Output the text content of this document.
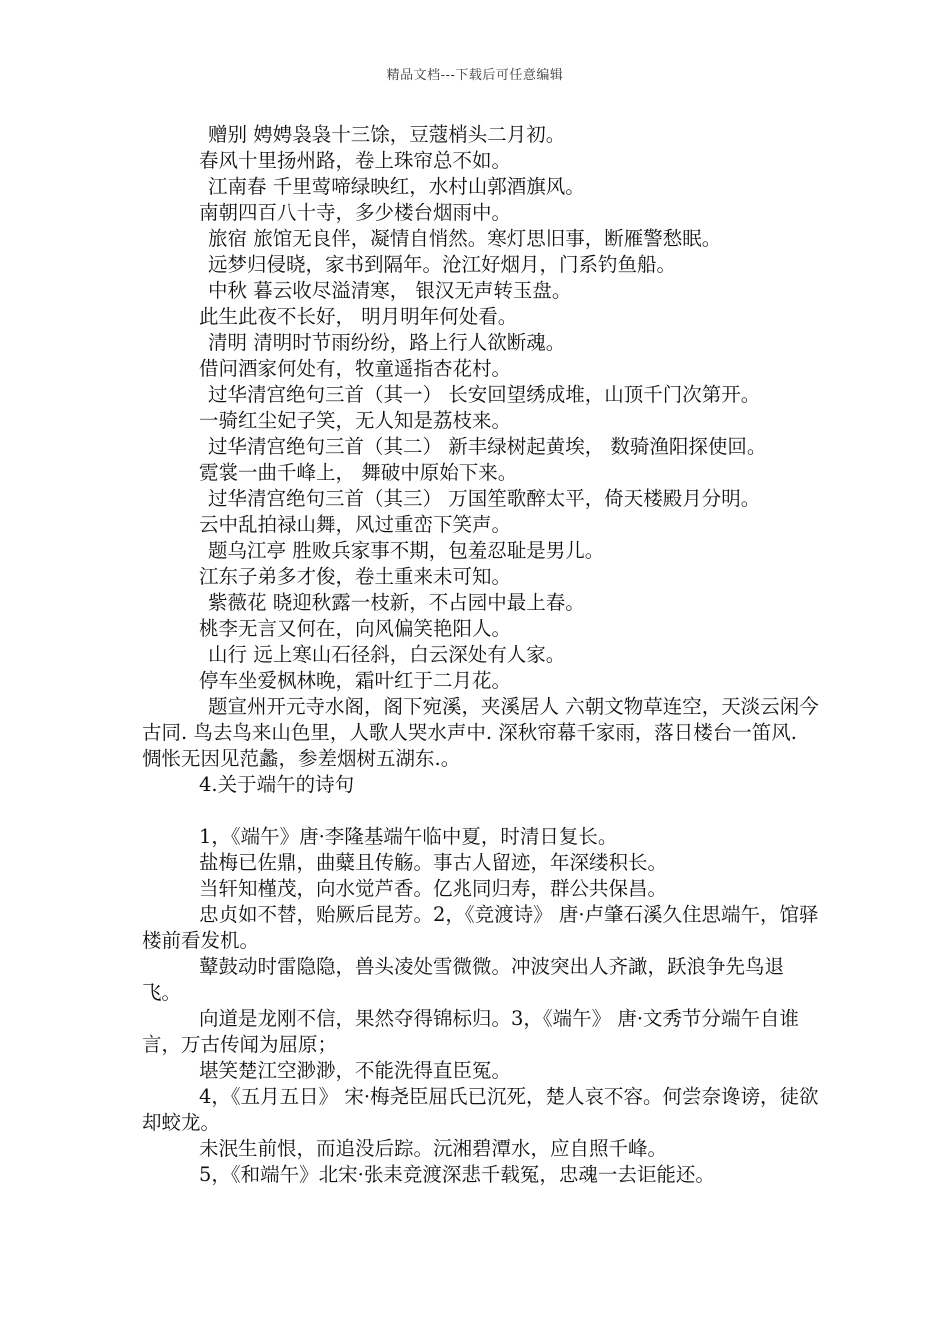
精品文档---下载后可任意编辑

赠别 娉娉袅袅十三馀，豆蔻梢头二月初。

春风十里扬州路，卷上珠帘总不如。

江南春 千里莺啼绿映红，水村山郭酒旗风。

南朝四百八十寺，多少楼台烟雨中。

旅宿 旅馆无良伴，凝情自悄然。寒灯思旧事，断雁警愁眠。

远梦归侵晓，家书到隔年。沧江好烟月，门系钓鱼船。

中秋 暮云收尽溢清寒， 银汉无声转玉盘。

此生此夜不长好， 明月明年何处看。

清明 清明时节雨纷纷，路上行人欲断魂。

借问酒家何处有，牧童遥指杏花村。

过华清宫绝句三首（其一） 长安回望绣成堆，山顶千门次第开。

一骑红尘妃子笑，无人知是荔枝来。

过华清宫绝句三首（其二） 新丰绿树起黄埃， 数骑渔阳探使回。

霓裳一曲千峰上， 舞破中原始下来。

过华清宫绝句三首（其三） 万国笙歌醉太平，倚天楼殿月分明。

云中乱拍禄山舞，风过重峦下笑声。

题乌江亭 胜败兵家事不期，包羞忍耻是男儿。

江东子弟多才俊，卷土重来未可知。

紫薇花 晓迎秋露一枝新，不占园中最上春。

桃李无言又何在，向风偏笑艳阳人。

山行 远上寒山石径斜，白云深处有人家。

停车坐爱枫林晚，霜叶红于二月花。

题宣州开元寺水阁，阁下宛溪，夹溪居人 六朝文物草连空，天淡云闲今古同. 鸟去鸟来山色里，人歌人哭水声中. 深秋帘幕千家雨，落日楼台一笛风. 惆怅无因见范蠡，参差烟树五湖东.。

4.关于端午的诗句

1，《端午》唐·李隆基端午临中夏，时清日复长。

盐梅已佐鼎，曲糵且传觞。事古人留迹，年深缕积长。

当轩知槿茂，向水觉芦香。亿兆同归寿，群公共保昌。

忠贞如不替，贻厥后昆芳。2，《竞渡诗》 唐·卢肇石溪久住思端午，馆驿楼前看发机。

鼙鼓动时雷隐隐，兽头凌处雪微微。冲波突出人齐譀，跃浪争先鸟退飞。

向道是龙刚不信，果然夺得锦标归。3，《端午》 唐·文秀节分端午自谁言，万古传闻为屈原；

堪笑楚江空渺渺，不能洗得直臣冤。

4，《五月五日》 宋·梅尧臣屈氏已沉死，楚人哀不容。何尝奈谗谤，徒欲却蛟龙。

未泯生前恨，而追没后踪。沅湘碧潭水，应自照千峰。

5，《和端午》北宋·张耒竞渡深悲千载冤，忠魂一去讵能还。
